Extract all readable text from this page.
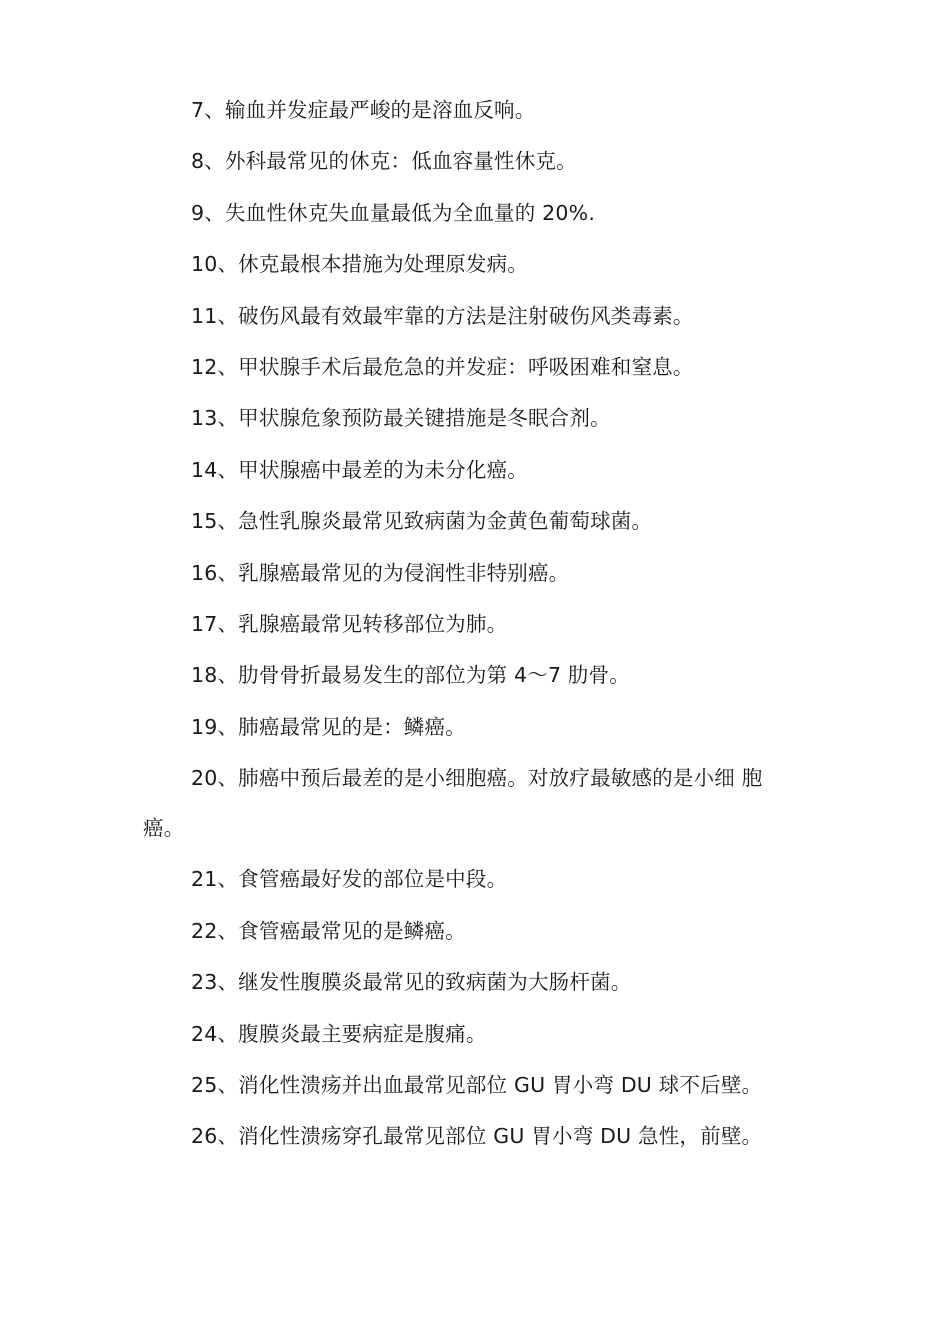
7、输血并发症最严峻的是溶血反响。
8、外科最常见的休克：低血容量性休克。
9、失血性休克失血量最低为全血量的 20%.
10、休克最根本措施为处理原发病。
11、破伤风最有效最牢靠的方法是注射破伤风类毒素。
12、甲状腺手术后最危急的并发症：呼吸困难和窒息。
13、甲状腺危象预防最关键措施是冬眠合剂。
14、甲状腺癌中最差的为未分化癌。
15、急性乳腺炎最常见致病菌为金黄色葡萄球菌。
16、乳腺癌最常见的为侵润性非特别癌。
17、乳腺癌最常见转移部位为肺。
18、肋骨骨折最易发生的部位为第 4～7 肋骨。
19、肺癌最常见的是：鳞癌。
20、肺癌中预后最差的是小细胞癌。对放疗最敏感的是小细 胞
癌。
21、食管癌最好发的部位是中段。
22、食管癌最常见的是鳞癌。
23、继发性腹膜炎最常见的致病菌为大肠杆菌。
24、腹膜炎最主要病症是腹痛。
25、消化性溃疡并出血最常见部位 GU 胃小弯 DU 球不后壁。
26、消化性溃疡穿孔最常见部位 GU 胃小弯 DU 急性，前壁。
